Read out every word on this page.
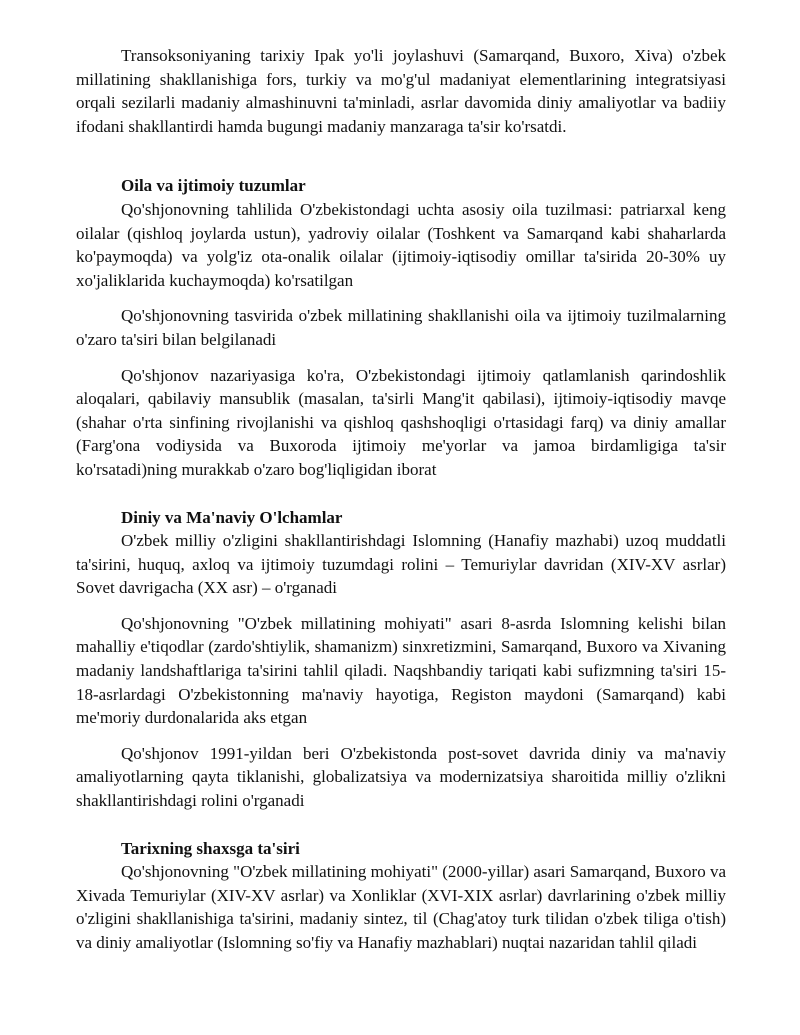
Transoksoniyaning tarixiy Ipak yo'li joylashuvi (Samarqand, Buxoro, Xiva) o'zbek millatining shakllanishiga fors, turkiy va mo'g'ul madaniyat elementlarining integratsiyasi orqali sezilarli madaniy almashinuvni ta'minladi, asrlar davomida diniy amaliyotlar va badiiy ifodani shakllantirdi hamda bugungi madaniy manzaraga ta'sir ko'rsatdi.

Oila va ijtimoiy tuzumlar

Qo'shjonovning tahlilida O'zbekistondagi uchta asosiy oila tuzilmasi: patriarxal keng oilalar (qishloq joylarda ustun), yadroviy oilalar (Toshkent va Samarqand kabi shaharlarda ko'paymoqda) va yolg'iz ota-onalik oilalar (ijtimoiy-iqtisodiy omillar ta'sirida 20-30% uy xo'jaliklarida kuchaymoqda) ko'rsatilgan

Qo'shjonovning tasvirida o'zbek millatining shakllanishi oila va ijtimoiy tuzilmalarning o'zaro ta'siri bilan belgilanadi

Qo'shjonov nazariyasiga ko'ra, O'zbekistondagi ijtimoiy qatlamlanish qarindoshlik aloqalari, qabilaviy mansublik (masalan, ta'sirli Mang'it qabilasi), ijtimoiy-iqtisodiy mavqe (shahar o'rta sinfining rivojlanishi va qishloq qashshoqligi o'rtasidagi farq) va diniy amallar (Farg'ona vodiysida va Buxoroda ijtimoiy me'yorlar va jamoa birdamligiga ta'sir ko'rsatadi)ning murakkab o'zaro bog'liqligidan iborat

Diniy va Ma'naviy O'lchamlar

O'zbek milliy o'zligini shakllantirishdagi Islomning (Hanafiy mazhabi) uzoq muddatli ta'sirini, huquq, axloq va ijtimoiy tuzumdagi rolini – Temuriylar davridan (XIV-XV asrlar) Sovet davrigacha (XX asr) – o'rganadi

Qo'shjonovning "O'zbek millatining mohiyati" asari 8-asrda Islomning kelishi bilan mahalliy e'tiqodlar (zardo'shtiylik, shamanizm) sinxretizmini, Samarqand, Buxoro va Xivaning madaniy landshaftlariga ta'sirini tahlil qiladi. Naqshbandiy tariqati kabi sufizmning ta'siri 15-18-asrlardagi O'zbekistonning ma'naviy hayotiga, Registon maydoni (Samarqand) kabi me'moriy durdonalarida aks etgan

Qo'shjonov 1991-yildan beri O'zbekistonda post-sovet davrida diniy va ma'naviy amaliyotlarning qayta tiklanishi, globalizatsiya va modernizatsiya sharoitida milliy o'zlikni shakllantirishdagi rolini o'rganadi

Tarixning shaxsga ta'siri

Qo'shjonovning "O'zbek millatining mohiyati" (2000-yillar) asari Samarqand, Buxoro va Xivada Temuriylar (XIV-XV asrlar) va Xonliklar (XVI-XIX asrlar) davrlarining o'zbek milliy o'zligini shakllanishiga ta'sirini, madaniy sintez, til (Chag'atoy turk tilidan o'zbek tiliga o'tish) va diniy amaliyotlar (Islomning so'fiy va Hanafiy mazhablari) nuqtai nazaridan tahlil qiladi
